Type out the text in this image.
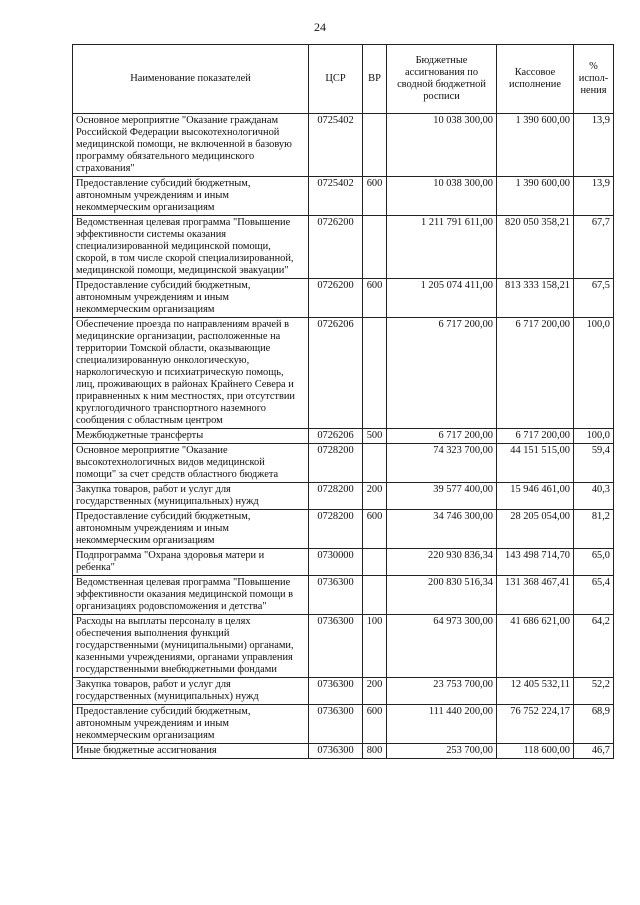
24
Наименование показателей	ЦСР	ВР	Бюджетные ассигнования по сводной бюджетной росписи	Кассовое исполнение	% испол-нения
Основное мероприятие "Оказание гражданам Российской Федерации высокотехнологичной медицинской помощи, не включенной в базовую программу обязательного медицинского страхования"	0725402		10 038 300,00	1 390 600,00	13,9
Предоставление субсидий бюджетным, автономным учреждениям и иным некоммерческим организациям	0725402	600	10 038 300,00	1 390 600,00	13,9
Ведомственная целевая программа "Повышение эффективности системы оказания специализированной медицинской помощи, скорой, в том числе скорой специализированной, медицинской помощи, медицинской эвакуации"	0726200		1 211 791 611,00	820 050 358,21	67,7
Предоставление субсидий бюджетным, автономным учреждениям и иным некоммерческим организациям	0726200	600	1 205 074 411,00	813 333 158,21	67,5
Обеспечение проезда по направлениям врачей в медицинские организации, расположенные на территории Томской области, оказывающие специализированную онкологическую, наркологическую и психиатрическую помощь, лиц, проживающих в районах Крайнего Севера и приравненных к ним местностях, при отсутствии круглогодичного транспортного наземного сообщения с областным центром	0726206		6 717 200,00	6 717 200,00	100,0
Межбюджетные трансферты	0726206	500	6 717 200,00	6 717 200,00	100,0
Основное мероприятие "Оказание высокотехнологичных видов медицинской помощи" за счет средств областного бюджета	0728200		74 323 700,00	44 151 515,00	59,4
Закупка товаров, работ и услуг для государственных (муниципальных) нужд	0728200	200	39 577 400,00	15 946 461,00	40,3
Предоставление субсидий бюджетным, автономным учреждениям и иным некоммерческим организациям	0728200	600	34 746 300,00	28 205 054,00	81,2
Подпрограмма "Охрана здоровья матери и ребенка"	0730000		220 930 836,34	143 498 714,70	65,0
Ведомственная целевая программа "Повышение эффективности оказания медицинской помощи в организациях родовспоможения и детства"	0736300		200 830 516,34	131 368 467,41	65,4
Расходы на выплаты персоналу в целях обеспечения выполнения функций государственными (муниципальными) органами, казенными учреждениями, органами управления государственными внебюджетными фондами	0736300	100	64 973 300,00	41 686 621,00	64,2
Закупка товаров, работ и услуг для государственных (муниципальных) нужд	0736300	200	23 753 700,00	12 405 532,11	52,2
Предоставление субсидий бюджетным, автономным учреждениям и иным некоммерческим организациям	0736300	600	111 440 200,00	76 752 224,17	68,9
Иные бюджетные ассигнования	0736300	800	253 700,00	118 600,00	46,7
